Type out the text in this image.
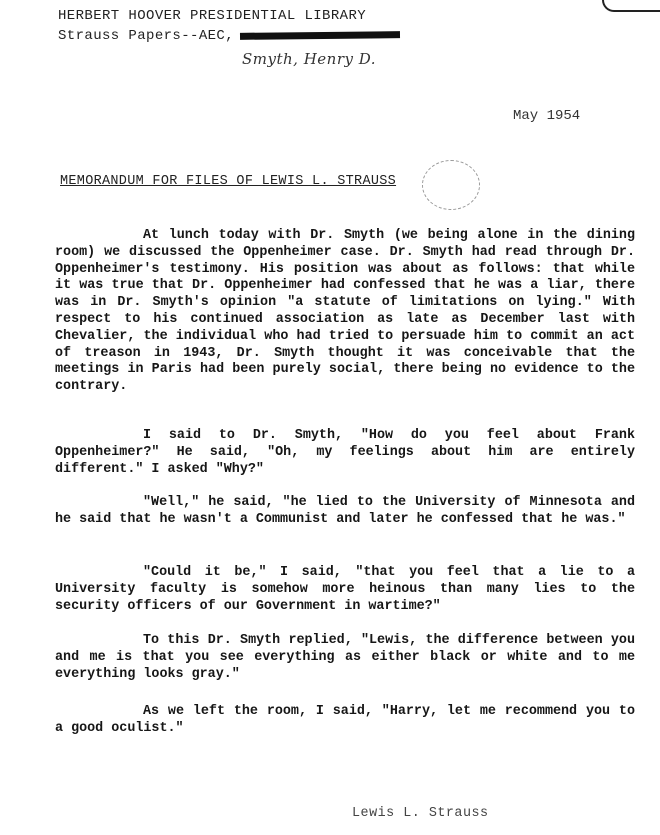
HERBERT HOOVER PRESIDENTIAL LIBRARY
Strauss Papers--AEC,
Smyth, Henry D.
May 1954
MEMORANDUM FOR FILES OF LEWIS L. STRAUSS

At lunch today with Dr. Smyth (we being alone in the dining room) we discussed the Oppenheimer case. Dr. Smyth had read through Dr. Oppenheimer's testimony. His position was about as follows: that while it was true that Dr. Oppenheimer had confessed that he was a liar, there was in Dr. Smyth's opinion "a statute of limitations on lying." With respect to his continued association as late as December last with Chevalier, the individual who had tried to persuade him to commit an act of treason in 1943, Dr. Smyth thought it was conceivable that the meetings in Paris had been purely social, there being no evidence to the contrary.

I said to Dr. Smyth, "How do you feel about Frank Oppenheimer?" He said, "Oh, my feelings about him are entirely different." I asked "Why?"

"Well," he said, "he lied to the University of Minnesota and he said that he wasn't a Communist and later he confessed that he was."

"Could it be," I said, "that you feel that a lie to a University faculty is somehow more heinous than many lies to the security officers of our Government in wartime?"

To this Dr. Smyth replied, "Lewis, the difference between you and me is that you see everything as either black or white and to me everything looks gray."

As we left the room, I said, "Harry, let me recommend you to a good oculist."

Lewis L. Strauss
